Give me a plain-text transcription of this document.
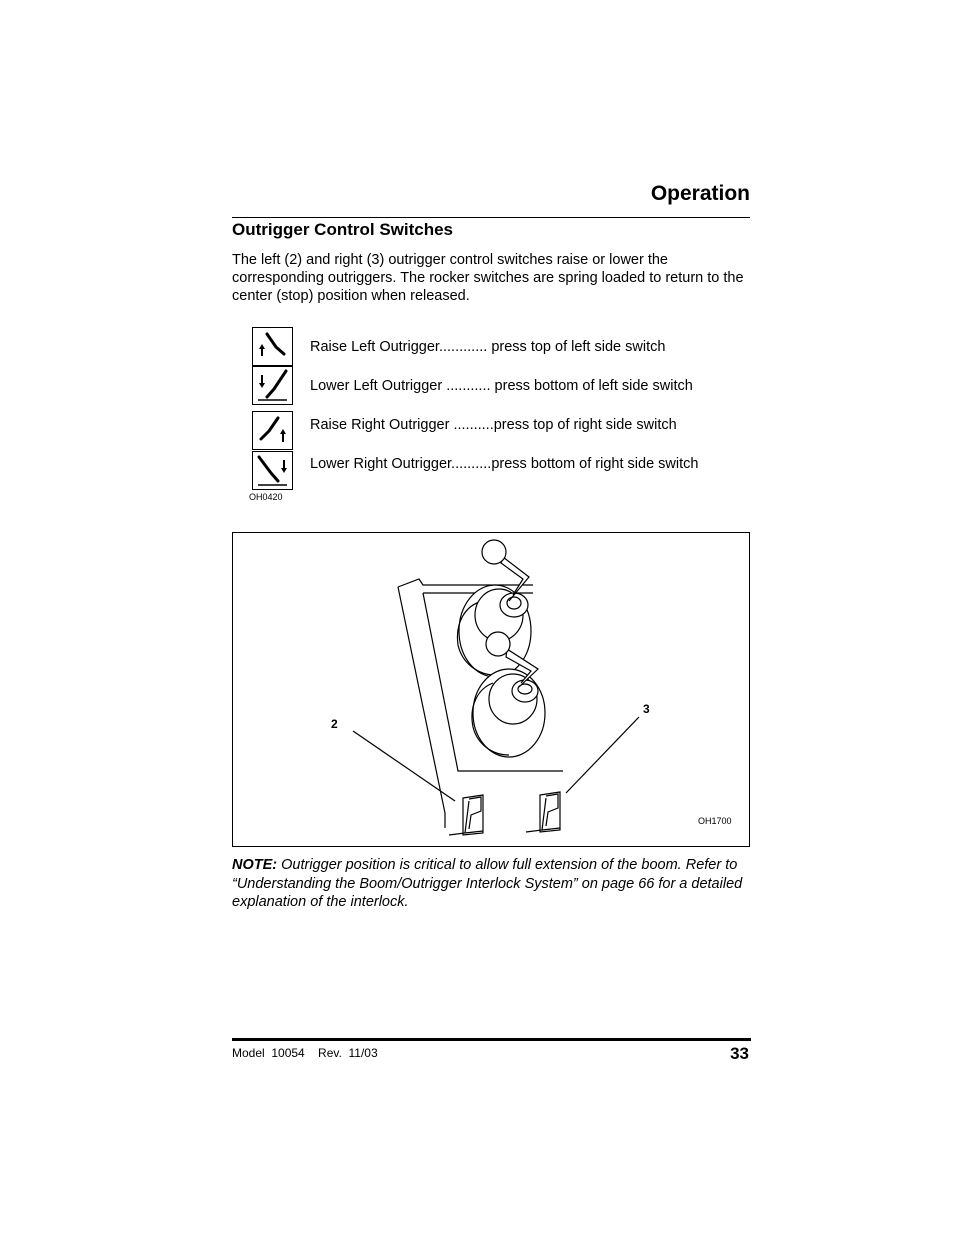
Operation
Outrigger Control Switches
The left (2) and right (3) outrigger control switches raise or lower the corresponding outriggers. The rocker switches are spring loaded to return to the center (stop) position when released.
Raise Left Outrigger............ press top of left side switch
Lower Left Outrigger ........... press bottom of left side switch
Raise Right Outrigger ..........press top of right side switch
Lower Right Outrigger..........press bottom of right side switch
OH0420
2
3
OH1700
NOTE: Outrigger position is critical to allow full extension of the boom. Refer to “Understanding the Boom/Outrigger Interlock System” on page 66 for a detailed explanation of the interlock.
Model  10054    Rev.  11/03	33
